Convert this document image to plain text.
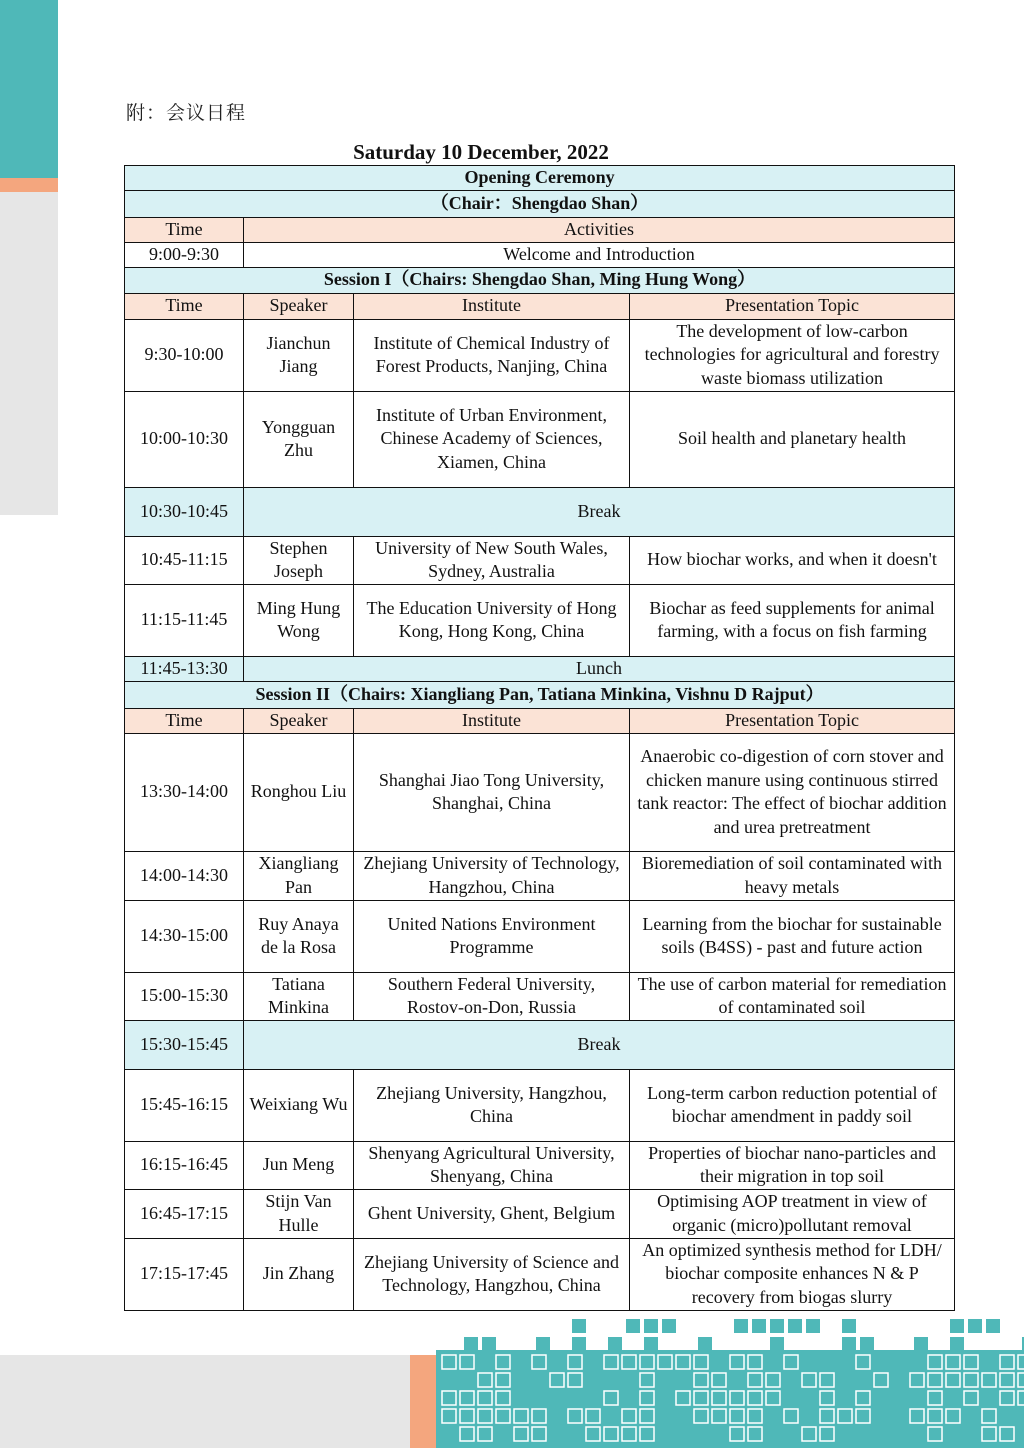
附：会议日程
Saturday 10 December, 2022
Opening Ceremony			
（Chair：Shengdao Shan）			
Time	Activities		
9:00-9:30	Welcome and Introduction		
Session I（Chairs: Shengdao Shan, Ming Hung Wong）			
Time	Speaker	Institute	Presentation Topic
9:30-10:00	Jianchun Jiang	Institute of Chemical Industry of Forest Products, Nanjing, China	The development of low-carbon technologies for agricultural and forestry waste biomass utilization
10:00-10:30	Yongguan Zhu	Institute of Urban Environment, Chinese Academy of Sciences, Xiamen, China	Soil health and planetary health
10:30-10:45	Break		
10:45-11:15	Stephen Joseph	University of New South Wales, Sydney, Australia	How biochar works, and when it doesn't
11:15-11:45	Ming Hung Wong	The Education University of Hong Kong, Hong Kong, China	Biochar as feed supplements for animal farming, with a focus on fish farming
11:45-13:30	Lunch		
Session II（Chairs: Xiangliang Pan, Tatiana Minkina, Vishnu D Rajput）			
Time	Speaker	Institute	Presentation Topic
13:30-14:00	Ronghou Liu	Shanghai Jiao Tong University, Shanghai, China	Anaerobic co-digestion of corn stover and chicken manure using continuous stirred tank reactor: The effect of biochar addition and urea pretreatment
14:00-14:30	Xiangliang Pan	Zhejiang University of Technology, Hangzhou, China	Bioremediation of soil contaminated with heavy metals
14:30-15:00	Ruy Anaya de la Rosa	United Nations Environment Programme	Learning from the biochar for sustainable soils (B4SS) - past and future action
15:00-15:30	Tatiana Minkina	Southern Federal University, Rostov-on-Don, Russia	The use of carbon material for remediation of contaminated soil
15:30-15:45	Break		
15:45-16:15	Weixiang Wu	Zhejiang University, Hangzhou, China	Long-term carbon reduction potential of biochar amendment in paddy soil
16:15-16:45	Jun Meng	Shenyang Agricultural University, Shenyang, China	Properties of biochar nano-particles and their migration in top soil
16:45-17:15	Stijn Van Hulle	Ghent University, Ghent, Belgium	Optimising AOP treatment in view of organic (micro)pollutant removal
17:15-17:45	Jin Zhang	Zhejiang University of Science and Technology, Hangzhou, China	An optimized synthesis method for LDH/ biochar composite enhances N & P recovery from biogas slurry
